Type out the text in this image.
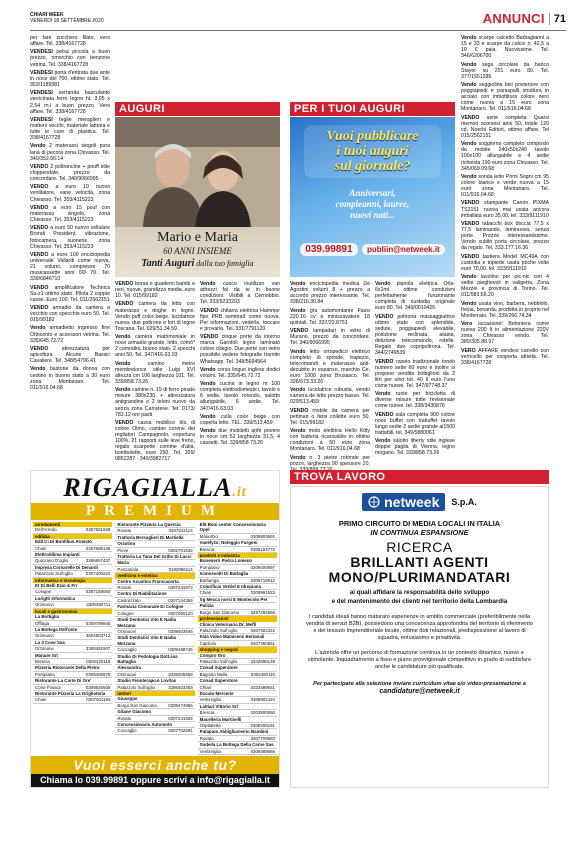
CHIARI WEEK
VENERDÌ 18 SETTEMBRE 2020	ANNUNCI 71

per fare zucchero filato, vero affare. Tel. 338/4167728

VENDESI pelsa piccola a buon prezzo, rimorchio con benzone vetrina. Tel. 338/4167728

VENDESI porta d'entrata due ante in noce del 700, ottimo stato. Tel. 353/1189381

VENDESI serranda basculante verricinata ferro legno ht. 3,95 x 2,54 m.l a buon prezzo. Vero affare. Tel. 338/4167728

VENDESI teglie meraglieri e mattoni vecchi, materiale latteria e tutte le cure di plastica. Tel. 338/4167728

Vendo 2 materassi singoli pura lana di pecora zona Chivasso. Tel. 340/352.66.14

VENDO 2 poltroncine + pouff stile chippendale, prezzo da concordare. Tel. 340/9066995

VENDO a euro 10 nuovo ventilatore, vane velocità, zona Chivasso. Tel. 353/4115223

VENDO a euro 15 pouf con materasso singolo, zona Chivasso. Tel. 353/4115223

VENDO a euro 50 nuovo cellulare Brondi President, vibrazione, fotocamera, suonerie, zona Chivasso. Tel. 353/4115223

VENDO a euro 100 enciclopedia universale Vallardi come nuova, 21 volumi, compresse 70 musicassette anni 60/ 70. Tel. 339/6846710

VENDO amplificatore Technics Su-z1 ottimo stato. Pilota 2 coppie casse. Euro 100. Tel. 011/2562151

VENDO armadio da camera a vecchio con specchio euro 50. Tel. 015/99182

Vendo armadietto ingresso fine Ottocento e accessori vetrina. Tel. 335/645.72.72

VENDO attrezzatura per apicoltura Alcune Bassic Cavaliere. Tel. 348/54796.41

Vendo bastone da donna con cestino in buono stato a 30 euro zona Montanaro. Tel. 011/916.04.68

AUGURI
Mario e Maria
60 ANNI INSIEME
Tanti Auguri dalla tuo famiglia
PER I TUOI AUGURI
Vuoi pubblicare
i tuoi auguri
sul giornale?
Anniversari,
compleanni, lauree,
nuovi nati...
039.99891 publiin@netweek.it

VENDO borsa e quaderni bambi e neri, nuove, grandizza media, euro 10. Tel. 015/99182

VENDO camera da letto con materasso e doghe in legno. Vendo puff color beige, lucidatrice nuova, due poltrone e fori di legno Toscana. Tel. 029/51.34.59

Vendo camera matrimoniale in noce armadio grande, letto, comò* 2 comodini, buono stato, 2 specchi anni 50. Tel. 347/416.63.03

Vendo camino metro membrelonce stile Luigi XVI altezza cm 106 larghezza 101. Tel. 339/858.73.26

Vendo camine n. 19 di ferro pinato misure 380x230 + attrezzatura antigrandine e 2 teloni nuovo da senza zona Carrarese. Tel. 0173/ 783.12 ore pasti

VENDO cassa mobilico blu di colore Olmo, cambio corone dei regilatori Campagnolo, copertura 100%, 21 rapporti sulle leve freno, regalo scarpette comme d'alta, bombolette, euro 250. Tel. 329/ 0852287 - 340/3982717

Vendo cuoco inutilizzo van attrezzi fai da te in buone condizioni. Visibili a Cernobbio. Tel. 333/9233203

VENDO chitarra elettrica Hammer fipo PRB semitrad come nuova. Per informazioni, vederla, toccare e provarla. Tel. 331/7791120

VENDO cinque porte da interno marca Garofoli legno laminato colore ciliegio. Due porte con vetro possibile vedere fotografie tramite Whatsapp. Tel. 348/5694964

Vendo corso lingue inglese dodici volumi. Tel. 335/645.72.72

Vendo cucina in legno m 100 completa elettrodomestici, tavolo e 6 sedie, tavolo rotondo, salotto allungabile, 6 sedie. Tel. 347/416.63.03

Vendo culla color beige con coperta letto. TEL. 339/513.459

Vendo due mobiletti anfe povere in noce cm 52 larghezza 31,5, 4 cassetti. Tel. 339/858.73.26

Vendo enciclopedia medica De Agostini volumi 8 + prezzo a accordo prezzo interessante. Tel. 338/216.30.84

Vendo gru automontante Fassi 220.16 cv a miniscavatore 18 quintali. Tel. 337/22.8751

VENDO lampadari in vetro di Murano, prezzo da concordare. Tel. 340/9066995

Vendo letto ortopedico elettrico completo di sponde, trapezio, telecomandi e materasso anti-decubito in espanso, marchio Ce, euro 1000 zona Brusasco. Tel. 328/673.33.26

Vendo lucidatrice robusta, vendo carnera de letto prezzo basso. Tel. 029/513.459

VENDO mobile da camera per pettinari o farsi collette euro 50. Tel. 015/99182

Vendo moto elettrica Hello Kitty con batteria ricaricabile in ottime condizioni a 50 euro zona Montanaro. Tel. 011/916.04.68

Vendo n. 3 pietre rotonde per pozzo, larghezza 90 spessore 20.

Vendo pianola elettrica Orla-6x1mt ottime condizioni perfettamente funzionante completa di custodia originale euro 80. Tel. 349/0010426

VENDO poltrona massaggiatrice ottimo stato con splendide, sedute, poggiapiedi elevabile, posizione reclinata, atasta, delizione telecomando, rotelle. Regalo due copripoltrona. Tel. 344/2749539

VENDO rasoio tradizionale tondo numero sette 60 euro e inoltre si propone vendita bottiglioni da 2 litri per vino tot. 40 Il euro l'uno come nuove. Tel. 347/97748.37

Vendo ruote per bicicletta di diverse misure tutte revisionate come nuove. tel. 338/3430876

VENDO sala completa 900 colore noce buffet con trabuffet tavolo lungo sedie 2 sedie grande al1500 trattabili. tel. 349/5880061

Vendo salotto liberty stile inglese doppie paglia di Vienna, legno mogano. Tel. 339/858.73.26

Vendo scarpe calcetto Barbagianni a 15 e 33 e scarpe da calcio n. 42,5 a 10 € paia. Nuovissime. Tel. 346/6206700

Vendo sega circolare da banco Stayer su 251 euro 80. Tel. 377/1551285

Vendo seggiolina bici posteriore con poggiapiedi e paraspalli struttura in acciaio con imbottitura colore nero come nuova a 15 euro zona Montanaro. Tel. 011/916.04.68

VENDO serie completa Quarsi memori scorsesi anni 50, totale 120 cd, Noerbi Editori, ottimo affare. Tel 015/2562151

Vendo soggiorno completo composto da mobile 240x50x240 tavolo 100x100 allungabile e 4 sedie richiesta 190 euro zona Chivasso. Tel. 345/069.09.68

Vendo sonda letto Primi Sogni cm 95 colore bianco e verde nuova a 15 euro zona Montanaro. Tel. 011/916.04.68

VENDO stampante Canon PIXMA TS3151 nuova mai usata ancora imballata euro 35,00. tel. 333/9111910

VENDO tabacchi box doccia 77,5 x 77,5 laminando, laminuova, senza porte. Prezzo interessantissimo. Vendo subito porta circolare, prezzo da regalo. Tel. 333.177.16.36

VENDO tastiera Model MC49A con custodia e tripiede usata poche volte euro 70,00. tel. 333/9111910

Vendo tavolino per pic-nic con 4 sedie pieghevoli in valigetta. Zona Mezzei e provincia di Torino. Tel. 011/983.56.20

Vendo usata vino, barbera, nebbiolo, fresia, bonarda, prodotta in proprio nel Monferrato. Tel. 339/266.74.34

Vero occasione! Betoniera come nuova 200 lt in alimentazione 220V zona Chivasso vendo. Tel. 380/305.88.97

VERO AFFARE vendesi carrello con verricello per cooperta attività. Tel. 338/4167728

RIGAGIALLA.it
PREMIUM
arredamenti
Dell'Arredo	0307601568
edilizia
Edil Ci Di Bonfilius Armisto
Chiari	0307689166
Elettrodilima Impianti
Quinzano D'oglio	3356657437
Impresa Cornarelle Di Denardi
Palazzolo Sull'oglio	0307400222
informatica e tecnologia
Et Di Belli Ezio & Frr
Cologne	0307158060
Lorigtti Informatica
Orzinuovi	3300480711
locali e gastronomia
La Bottiglia
Offlaga	0309799940
La Bottega Dell'oste
Orzinuovi	3004503712
La 3 Cose Sas
Orzinuovi	3300491907
Manure Srl
Brescia	0302420119
Pizzeria Ristorante Della Pietra
Pompiano	0309406975
Ristorante La Corte Di Ore'
Corte Franca	0309826505
Ristorante Pizzeria La Griglioteria
Chiari	0307001184
Ristorante Pizzeria La Quercia
Rovato	0307242114
Trattoria Bersaglieri Di Martiella
Orzolino
Pieve	0302701532
Trattoria La Tana Del Grillo Di Lucci
Maria
Ponzanola	0182986114
medicina e estetica
Centro Acustico Franciacorta
Rovato	0307241973
Centro Di Riabilitazione
Castrezzato	0307144359
Farmacia Comunale Di Cologne
Cologne	0307050120
Studi Dentistici Vito E Nadia Mezzana
Orzinuovi	0309403946
Studi Dentistici Vito E Nadia Mezzana
Coccaglio	0309488745
Studio Di Podologia Dott.ssa Battaglia
Alessandra
Orzinuovi	3338305968
Studio Fisioterapico Lovitas
Palazzolo Sull'oglio	3286403463
motori
Giuseppe
Borgo San Giacomo	0309474956
Gitane Giacomo
Rovato	0307241934
Concessionario Automoto
Coccaglio	0307702591
Elit Boni center Concessionaria Opel
Manerbio	0309903691
Vanelyzo; Noleggio Furgoni
Brescia	0306194773
prodotti e industria
Bonenerri Pietra Lomeno
Pompiano	0309400697
Iconosvolti Di Battaglia
Barbariga	0309718912
Colorificio Vertiel E Idropiana
Chiari	0309991523
Sg Mecca norsi E Montecolo Per
Pulizia
Borgo San Giacomo	3487294586
professionisti
Clinica Veterinaria Dr. Meffi
Palazzolo Sull'oglio	0307402322
Fata Video Mamicemi Bertanali
Capriolo	0307460561
shopping e negozi
Compro Oro
Palazzolo Sull'oglio	3342596129
Conad Superstore
Bagnolo Mella	0302480110
Conad Superstore
Chiari	0323489931
Ducalo Mercerie
Ventimiglia	0309802424
Lattiari Vittorio Srl
Brescia	0303500060
Macelleria Martinelli
Ospitaletto	0308400161
Patapum Abbigliamento Bambini
Rovato	3307709583
Sodeila La Bottega Della Carne Sas
Ventimiglia	0309489666
Vuoi esserci anche tu?
Chiama lo 039.99891 oppure scrivi a info@rigagialla.it
TROVA LAVORO
netweek S.p.A.
PRIMO CIRCUITO DI MEDIA LOCALI IN ITALIA
IN CONTINUA ESPANSIONE
RICERCA
BRILLANTI AGENTI
MONO/PLURIMANDATARI
ai quali affidare la responsabilità dello sviluppo
e del mantenimento dei clienti nel territorio della Lombardia
I candidati ideali hanno maturato esperienze in ambito commerciale (preferibilmente nella vendita di servizi B2B), possiedono una conoscenza approfondita del territorio di riferimento e del tessuto imprenditoriale locale, ottime doti relazionali, predisposizione al lavoro di squadra, entusiasmo e proattività.
L'azienda offre un percorso di formazione continua in un contesto dinamico, nuovo e stimolante. Inquadramento a fisso e piano provvigionale competitivo in grado di soddisfare anche le candidature più qualificate.
Per partecipare alla selezione inviare curriculum vitae e/o video-presentazione a
candidature@netweek.it
